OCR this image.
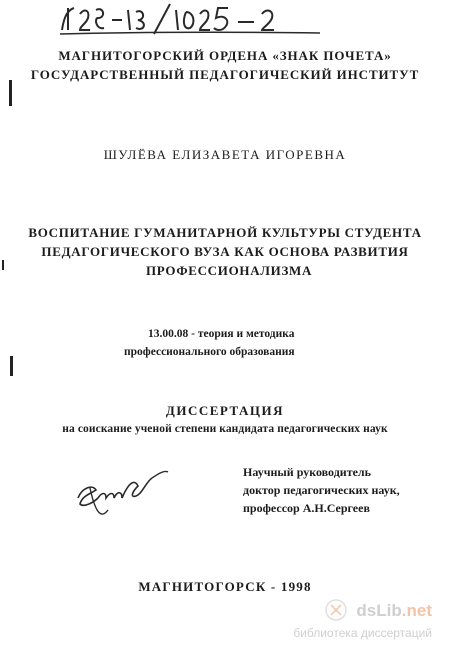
МАГНИТОГОРСКИЙ ОРДЕНА «ЗНАК ПОЧЕТА»

ГОСУДАРСТВЕННЫЙ ПЕДАГОГИЧЕСКИЙ ИНСТИТУТ

ШУЛЁВА ЕЛИЗАВЕТА ИГОРЕВНА

ВОСПИТАНИЕ ГУМАНИТАРНОЙ КУЛЬТУРЫ СТУДЕНТА

ПЕДАГОГИЧЕСКОГО ВУЗА КАК ОСНОВА РАЗВИТИЯ

ПРОФЕССИОНАЛИЗМА

13.00.08 - теория и методика

профессионального образования

ДИССЕРТАЦИЯ

на соискание ученой степени кандидата педагогических наук

Научный руководитель

доктор педагогических наук,

профессор А.Н.Сергеев

МАГНИТОГОРСК - 1998

dsLib.net
библиотека диссертаций
